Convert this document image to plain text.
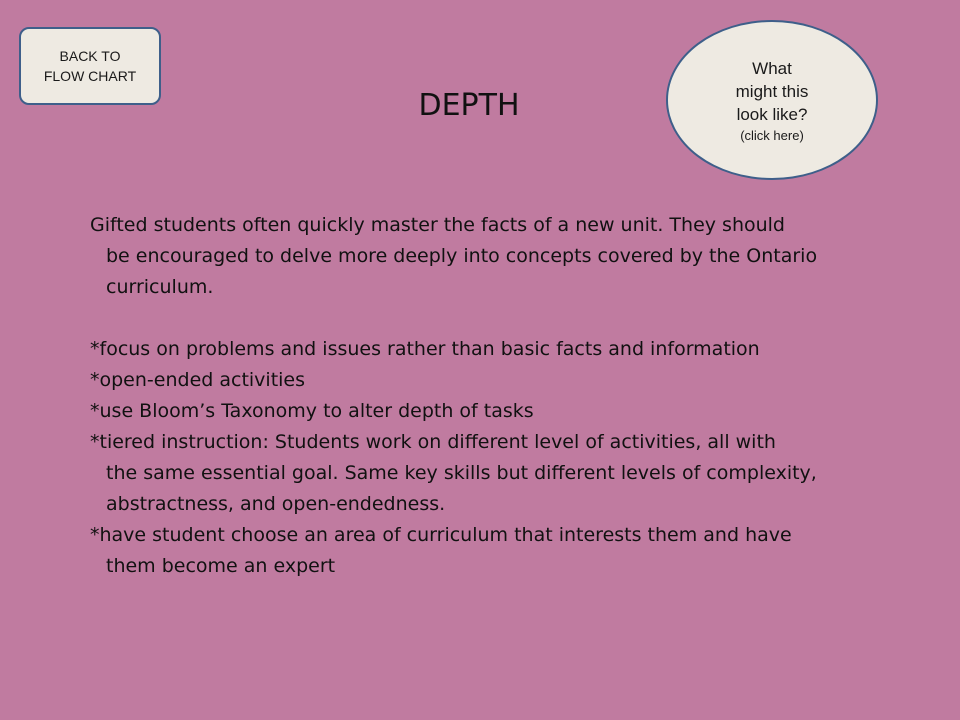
BACK TO
FLOW CHART	What
might this
look like?
(click here)
DEPTH

Gifted students often quickly master the facts of a new unit. They should
be encouraged to delve more deeply into concepts covered by the Ontario
curriculum.

*focus on problems and issues rather than basic facts and information

*open-ended activities

*use Bloom’s Taxonomy to alter depth of tasks

*tiered instruction: Students work on different level of activities, all with
the same essential goal. Same key skills but different levels of complexity,
abstractness, and open-endedness.

*have student choose an area of curriculum that interests them and have
them become an expert
